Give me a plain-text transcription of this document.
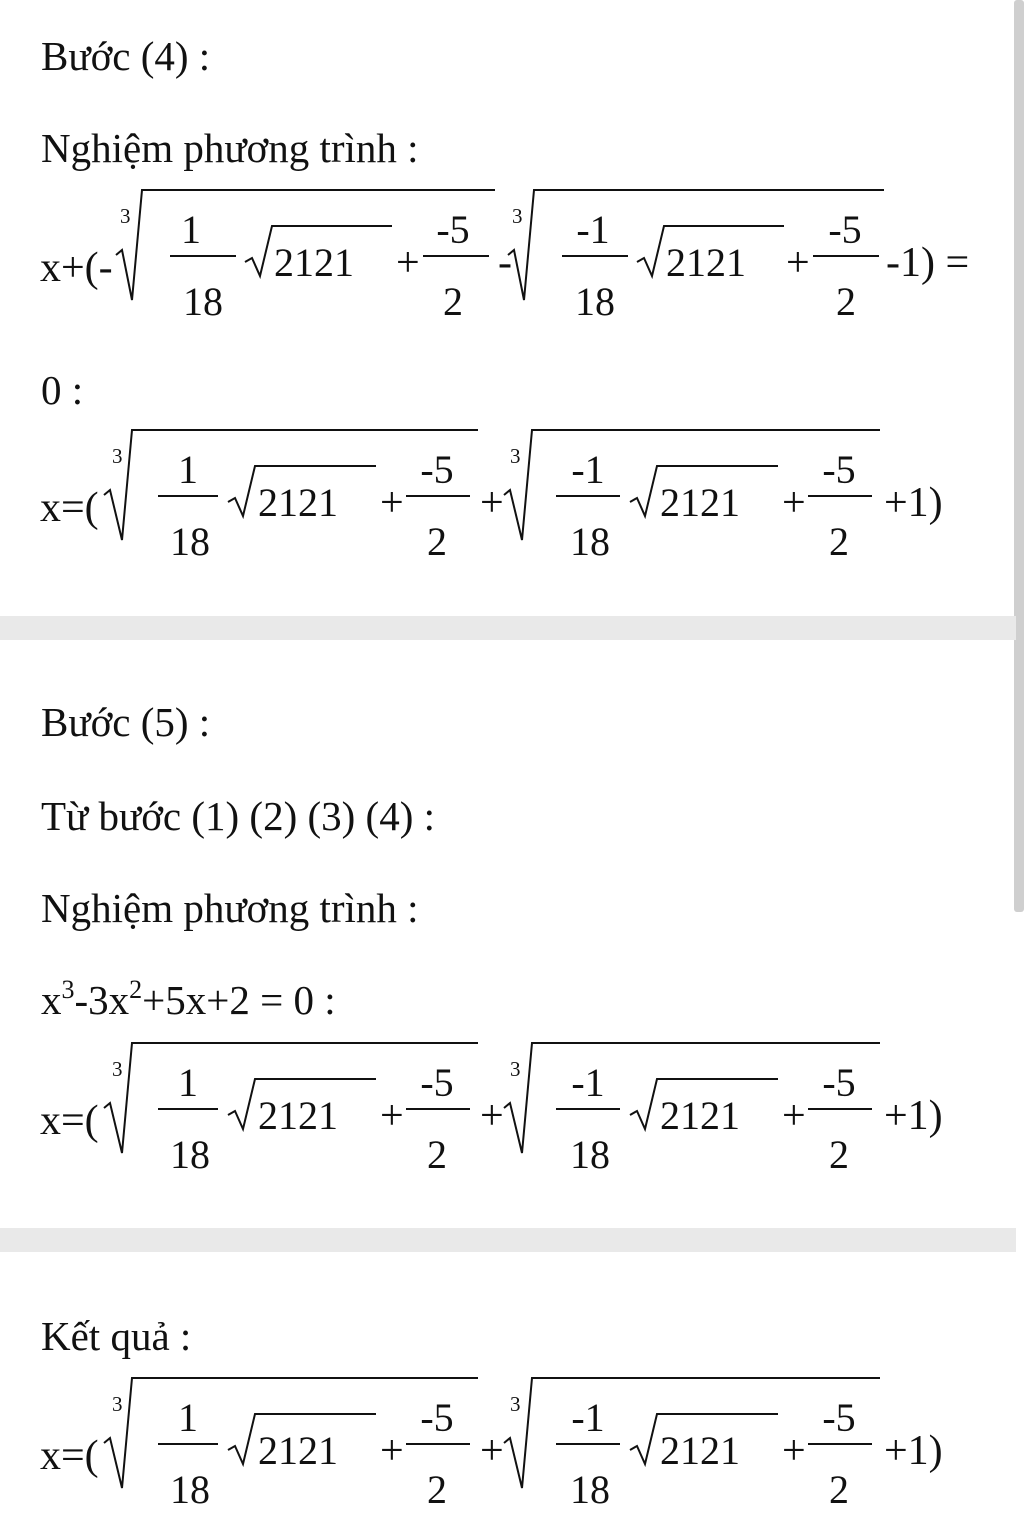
Bước (4) :
Nghiệm phương trình :
x+(-
3 1
18
2121 +
-5
2
-
3 -1
18
2121 +
-5
2
-1) =
0 :
x=(
3 1
18
2121 +
-5
2
+
3 -1
18
2121 +
-5
2
+1)
Bước (5) :
Từ bước (1) (2) (3) (4) :
Nghiệm phương trình :
$x^3-3x^2+5x+2 = 0$ :
x=(
3 1
18
2121 +
-5
2
+
3 -1
18
2121 +
-5
2
+1)
Kết quả :
x=(
3 1
18
2121 +
-5
2
+
3 -1
18
2121 +
-5
2
+1)
